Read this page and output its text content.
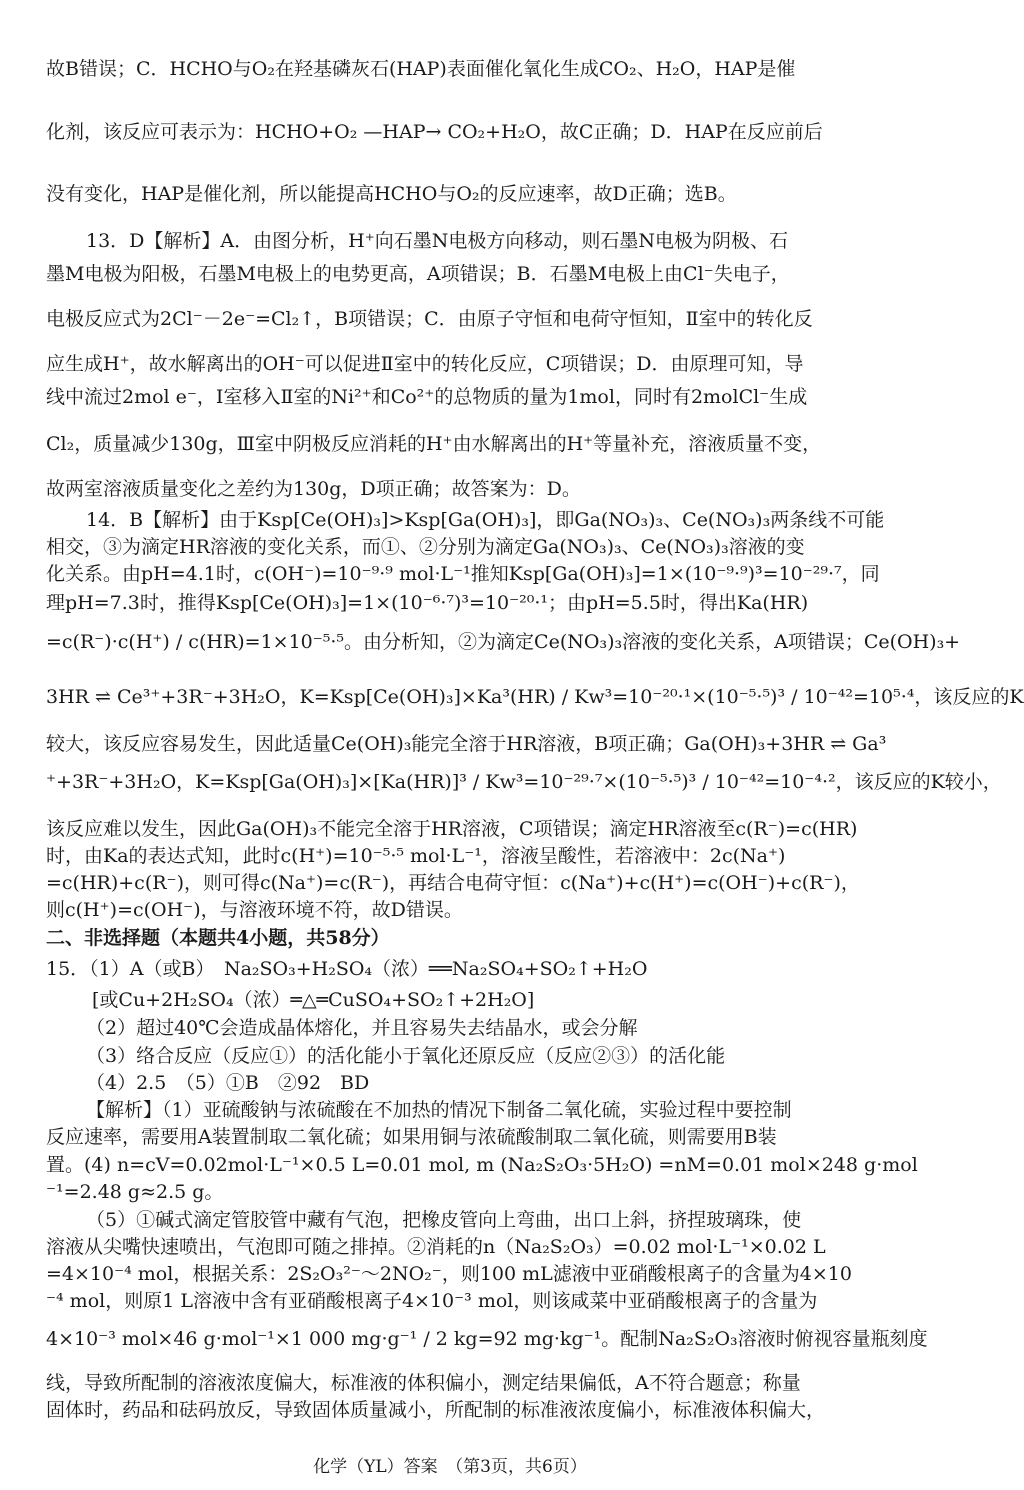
故B错误；C．HCHO与O₂在羟基磷灰石(HAP)表面催化氧化生成CO₂、H₂O，HAP是催
化剂，该反应可表示为：HCHO+O₂ —HAP→ CO₂+H₂O，故C正确；D．HAP在反应前后
没有变化，HAP是催化剂，所以能提高HCHO与O₂的反应速率，故D正确；选B。
13．D【解析】A．由图分析，H⁺向石墨N电极方向移动，则石墨N电极为阴极、石
墨M电极为阳极，石墨M电极上的电势更高，A项错误；B．石墨M电极上由Cl⁻失电子，
电极反应式为2Cl⁻－2e⁻=Cl₂↑，B项错误；C．由原子守恒和电荷守恒知，Ⅱ室中的转化反
应生成H⁺，故水解离出的OH⁻可以促进Ⅱ室中的转化反应，C项错误；D．由原理可知，导
线中流过2mol e⁻，Ⅰ室移入Ⅱ室的Ni²⁺和Co²⁺的总物质的量为1mol，同时有2molCl⁻生成
Cl₂，质量减少130g，Ⅲ室中阴极反应消耗的H⁺由水解离出的H⁺等量补充，溶液质量不变，
故两室溶液质量变化之差约为130g，D项正确；故答案为：D。
14．B【解析】由于Ksp[Ce(OH)₃]>Ksp[Ga(OH)₃]，即Ga(NO₃)₃、Ce(NO₃)₃两条线不可能
相交，③为滴定HR溶液的变化关系，而①、②分别为滴定Ga(NO₃)₃、Ce(NO₃)₃溶液的变
化关系。由pH=4.1时，c(OH⁻)=10⁻⁹·⁹ mol·L⁻¹推知Ksp[Ga(OH)₃]=1×(10⁻⁹·⁹)³=10⁻²⁹·⁷，同
理pH=7.3时，推得Ksp[Ce(OH)₃]=1×(10⁻⁶·⁷)³=10⁻²⁰·¹；由pH=5.5时，得出Ka(HR)
=c(R⁻)·c(H⁺) / c(HR)=1×10⁻⁵·⁵。由分析知，②为滴定Ce(NO₃)₃溶液的变化关系，A项错误；Ce(OH)₃+
3HR ⇌ Ce³⁺+3R⁻+3H₂O，K=Ksp[Ce(OH)₃]×Ka³(HR) / Kw³=10⁻²⁰·¹×(10⁻⁵·⁵)³ / 10⁻⁴²=10⁵·⁴，该反应的K
较大，该反应容易发生，因此适量Ce(OH)₃能完全溶于HR溶液，B项正确；Ga(OH)₃+3HR ⇌ Ga³
⁺+3R⁻+3H₂O，K=Ksp[Ga(OH)₃]×[Ka(HR)]³ / Kw³=10⁻²⁹·⁷×(10⁻⁵·⁵)³ / 10⁻⁴²=10⁻⁴·²，该反应的K较小，
该反应难以发生，因此Ga(OH)₃不能完全溶于HR溶液，C项错误；滴定HR溶液至c(R⁻)=c(HR)
时，由Ka的表达式知，此时c(H⁺)=10⁻⁵·⁵ mol·L⁻¹，溶液呈酸性，若溶液中：2c(Na⁺)
=c(HR)+c(R⁻)，则可得c(Na⁺)=c(R⁻)，再结合电荷守恒：c(Na⁺)+c(H⁺)=c(OH⁻)+c(R⁻)，
则c(H⁺)=c(OH⁻)，与溶液环境不符，故D错误。
二、非选择题（本题共4小题，共58分）
15．（1）A（或B）　Na₂SO₃+H₂SO₄（浓）══Na₂SO₄+SO₂↑+H₂O
[或Cu+2H₂SO₄（浓）═△═CuSO₄+SO₂↑+2H₂O]
（2）超过40℃会造成晶体熔化，并且容易失去结晶水，或会分解
（3）络合反应（反应①）的活化能小于氧化还原反应（反应②③）的活化能
（4）2.5　（5）①B　②92　BD
【解析】（1）亚硫酸钠与浓硫酸在不加热的情况下制备二氧化硫，实验过程中要控制
反应速率，需要用A装置制取二氧化硫；如果用铜与浓硫酸制取二氧化硫，则需要用B装
置。(4) n=cV=0.02mol·L⁻¹×0.5 L=0.01 mol, m (Na₂S₂O₃·5H₂O) =nM=0.01 mol×248 g·mol
⁻¹=2.48 g≈2.5 g。
（5）①碱式滴定管胶管中藏有气泡，把橡皮管向上弯曲，出口上斜，挤捏玻璃珠，使
溶液从尖嘴快速喷出，气泡即可随之排掉。②消耗的n（Na₂S₂O₃）=0.02 mol·L⁻¹×0.02 L
=4×10⁻⁴ mol，根据关系：2S₂O₃²⁻～2NO₂⁻，则100 mL滤液中亚硝酸根离子的含量为4×10
⁻⁴ mol，则原1 L溶液中含有亚硝酸根离子4×10⁻³ mol，则该咸菜中亚硝酸根离子的含量为
4×10⁻³ mol×46 g·mol⁻¹×1 000 mg·g⁻¹ / 2 kg=92 mg·kg⁻¹。配制Na₂S₂O₃溶液时俯视容量瓶刻度
线，导致所配制的溶液浓度偏大，标准液的体积偏小，测定结果偏低，A不符合题意；称量
固体时，药品和砝码放反，导致固体质量减小，所配制的标准液浓度偏小，标准液体积偏大，
化学（YL）答案　（第3页，共6页）
